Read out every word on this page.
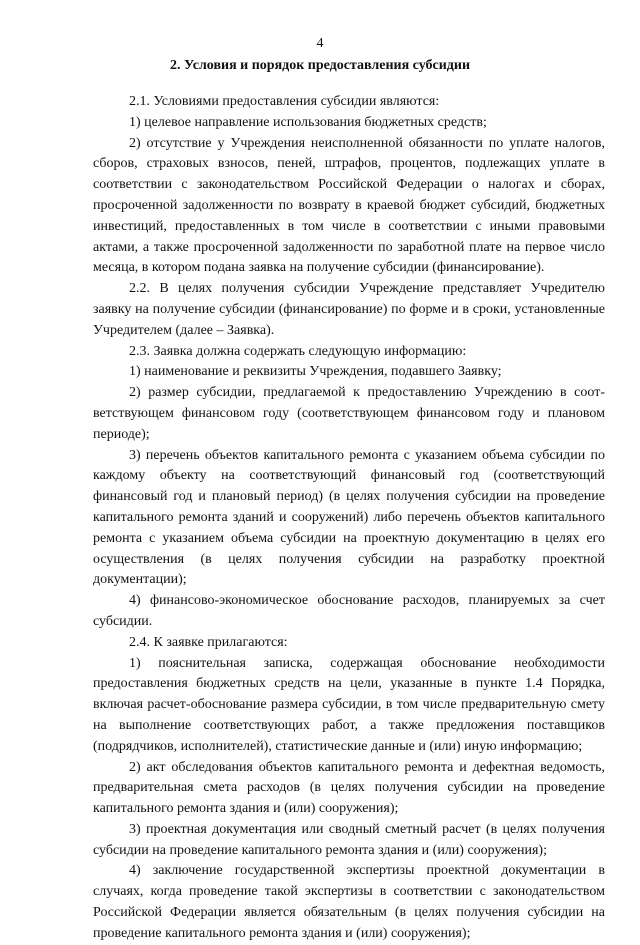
4
2. Условия и порядок предоставления субсидии

2.1. Условиями предоставления субсидии являются:

1) целевое направление использования бюджетных средств;

2) отсутствие у Учреждения неисполненной обязанности по уплате налогов, сборов, страховых взносов, пеней, штрафов, процентов, подлежащих уплате в соответствии с законодательством Российской Федерации о налогах и сборах, просроченной задолженности по возврату в краевой бюджет субсидий, бюджетных инвестиций, предоставленных в том числе в соответствии с иными правовыми актами, а также просроченной задолженности по заработной плате на первое число месяца, в котором подана заявка на получение субсидии (финансирование).

2.2. В целях получения субсидии Учреждение представляет Учредителю заявку на получение субсидии (финансирование) по форме и в сроки, установленные Учредителем (далее – Заявка).

2.3. Заявка должна содержать следующую информацию:

1) наименование и реквизиты Учреждения, подавшего Заявку;

2) размер субсидии, предлагаемой к предоставлению Учреждению в соответствующем финансовом году (соответствующем финансовом году и плановом периоде);

3) перечень объектов капитального ремонта с указанием объема субсидии по каждому объекту на соответствующий финансовый год (соответствующий финансовый год и плановый период) (в целях получения субсидии на проведение капитального ремонта зданий и сооружений) либо перечень объектов капитального ремонта с указанием объема субсидии на проектную документацию в целях его осуществления (в целях получения субсидии на разработку проектной документации);

4) финансово-экономическое обоснование расходов, планируемых за счет субсидии.

2.4. К заявке прилагаются:

1) пояснительная записка, содержащая обоснование необходимости предоставления бюджетных средств на цели, указанные в пункте 1.4 Порядка, включая расчет-обоснование размера субсидии, в том числе предварительную смету на выполнение соответствующих работ, а также предложения поставщиков (подрядчиков, исполнителей), статистические данные и (или) иную информацию;

2) акт обследования объектов капитального ремонта и дефектная ведомость, предварительная смета расходов (в целях получения субсидии на проведение капитального ремонта здания и (или) сооружения);

3) проектная документация или сводный сметный расчет (в целях получения субсидии на проведение капитального ремонта здания и (или) сооружения);

4) заключение государственной экспертизы проектной документации в случаях, когда проведение такой экспертизы в соответствии с законодательством Российской Федерации является обязательным (в целях получения субсидии на проведение капитального ремонта здания и (или) сооружения);
